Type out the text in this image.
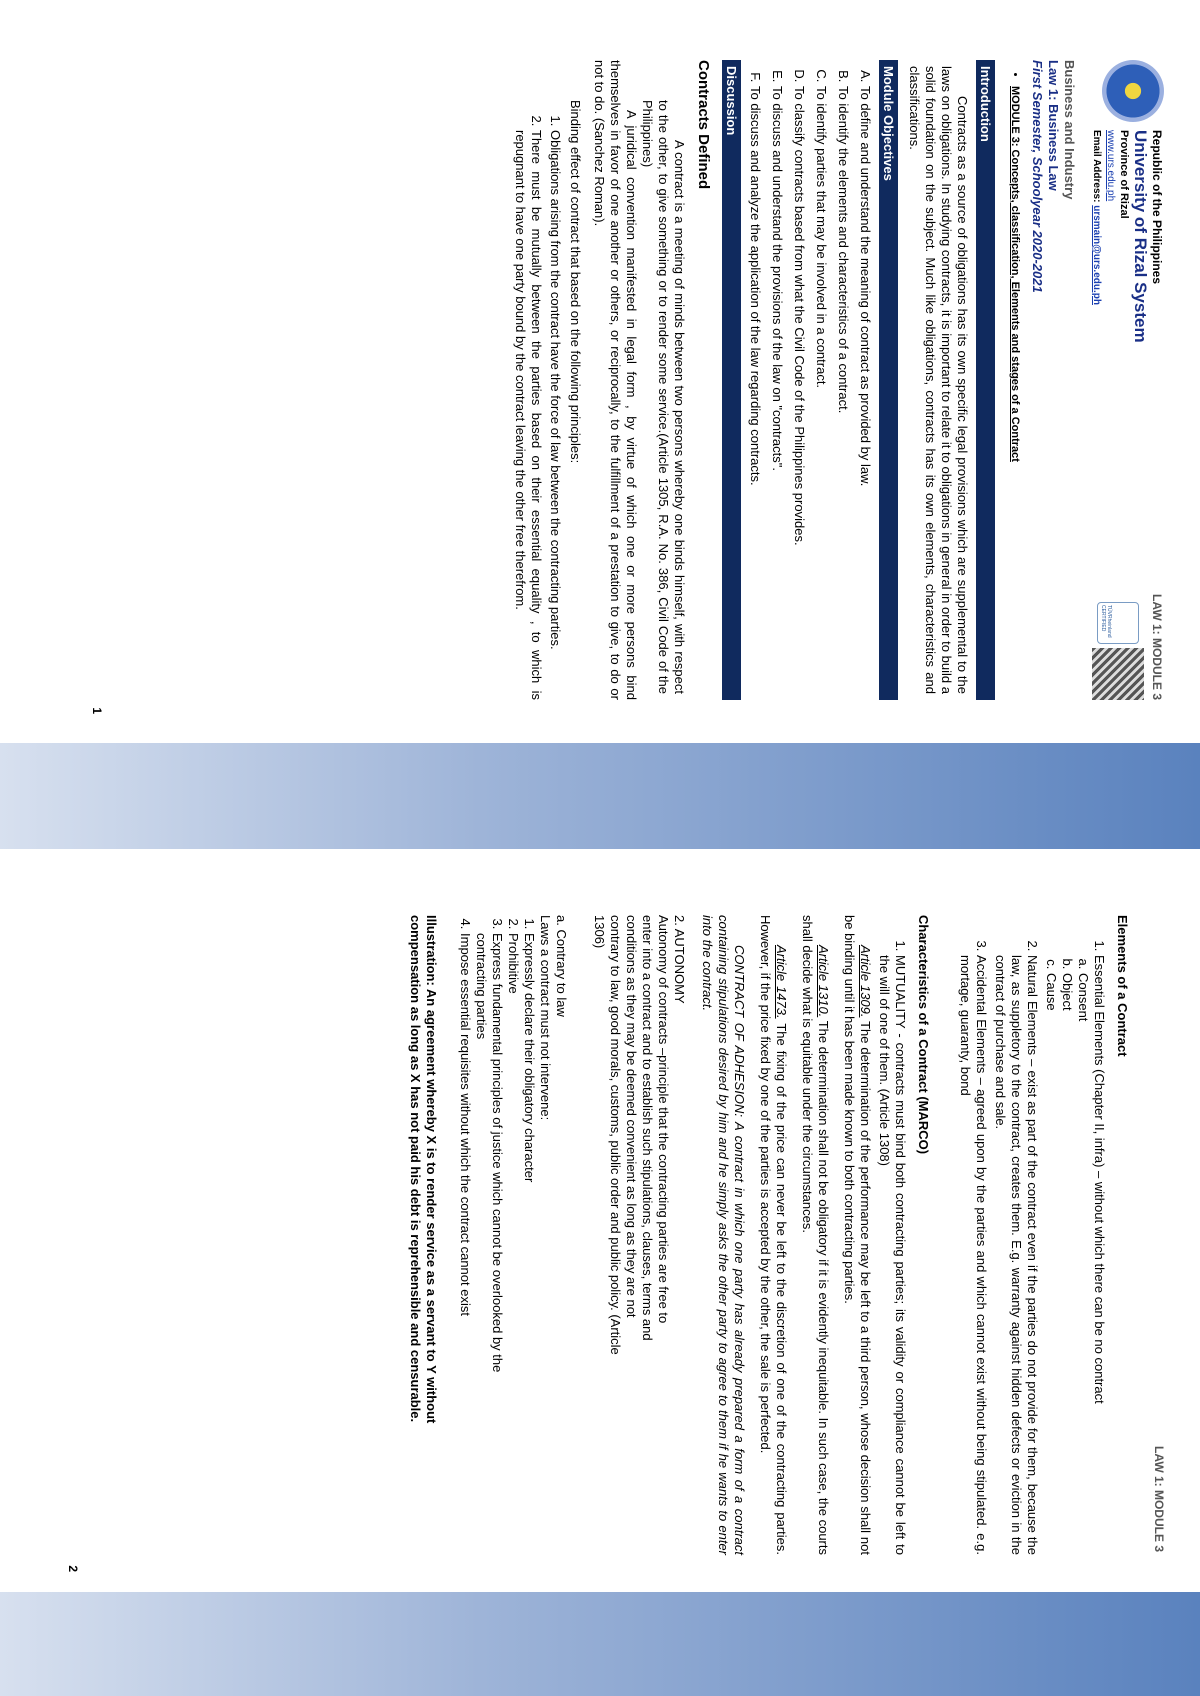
Republic of the Philippines
University of Rizal System
Province of Rizal
www.urs.edu.ph
Email Address: ursmain@urs.edu.ph
LAW 1: MODULE 3
TÜVRheinland CERTIFIED
Business and Industry
Law 1: Business Law
First Semester, Schoolyear 2020-2021
• MODULE 3: Concepts, classification, Elements and stages of a Contract
Introduction

Contracts as a source of obligations has its own specific legal provisions which are supplemental to the laws on obligations. In studying contracts, it is important to relate it to obligations in general in order to build a solid foundation on the subject. Much like obligations, contracts has its own elements, characteristics and classifications.

Module Objectives
A. To define and understand the meaning of contract as provided by law.
B. To identify the elements and characteristics of a contract.
C. To identify parties that may be involved in a contract.
D. To classify contracts based from what the Civil Code of the Philippines provides.
E. To discuss and understand the provisions of the law on "contracts".
F. To discuss and analyze the application of the law regarding contracts.
Discussion
Contracts Defined

A contract is a meeting of minds between two persons whereby one binds himself, with respect to the other, to give something or to render some service.(Article 1305, R.A. No. 386, Civil Code of the Philippines)

A juridical convention manifested in legal form , by virtue of which one or more persons bind themselves in favor of one another or others, or reciprocally, to the fulfillment of a prestation to give, to do or not to do. (Sanchez Roman).

Binding effect of contract that based on the following principles:

1. Obligations arising from the contract have the force of law between the contracting parties.
2. There must be mutually between the parties based on their essential equality , to which is repugnant to have one party bound by the contract leaving the other free therefrom.
1
LAW 1: MODULE 3
Elements of a Contract
1. Essential Elements (Chapter II, infra) – without which there can be no contract
a. Consent
b. Object
c. Cause
2. Natural Elements – exist as part of the contract even if the parties do not provide for them, because the law, as suppletory to the contract, creates them. E.g. warranty against hidden defects or eviction in the contract of purchase and sale.
3. Accidental Elements – agreed upon by the parties and which cannot exist without being stipulated. e.g. mortage, guaranty, bond
Characteristics of a Contract (MARCO)
1. MUTUALITY - contracts must bind both contracting parties; its validity or compliance cannot be left to the will of one of them. (Article 1308)

Article 1309. The determination of the performance may be left to a third person, whose decision shall not be binding until it has been made known to both contracting parties.

Article 1310. The determination shall not be obligatory if it is evidently inequitable. In such case, the courts shall decide what is equitable under the circumstances.

Article 1473. The fixing of the price can never be left to the discretion of one of the contracting parties. However, if the price fixed by one of the parties is accepted by the other, the sale is perfected.

CONTRACT OF ADHESION: A contract in which one party has already prepared a form of a contract containing stipulations desired by him and he simply asks the other party to agree to them if he wants to enter into the contract.

2. AUTONOMY

Autonomy of contracts –principle that the contracting parties are free to enter into a contract and to establish such stipulations, clauses, terms and conditions as they may be deemed convenient as long as they are not contrary to law, good morals, customs, public order and public policy. (Article 1306)

a. Contrary to law
Laws a contract must not intervene:
1. Expressly declare their obligatory character
2. Prohibitive
3. Express fundamental principles of justice which cannot be overlooked by the contracting parties
4. Impose essential requisites without which the contract cannot exist

Illustration: An agreement whereby X is to render service as a servant to Y without compensation as long as X has not paid his debt is reprehensible and censurable.

2
